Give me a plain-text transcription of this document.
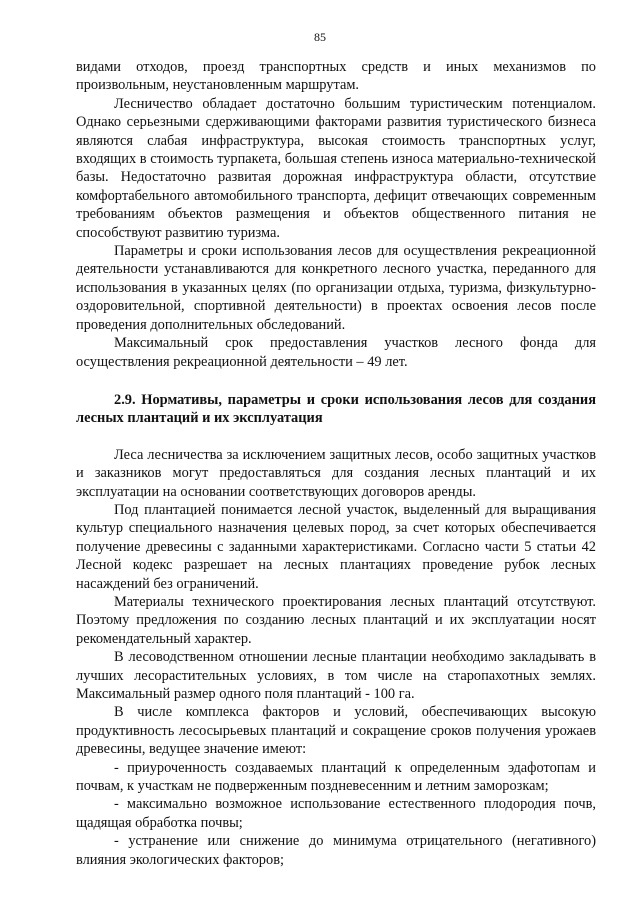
85

видами отходов, проезд транспортных средств и иных механизмов по произвольным, неустановленным маршрутам.

Лесничество обладает достаточно большим туристическим потенциалом. Однако серьезными сдерживающими факторами развития туристического бизнеса являются слабая инфраструктура, высокая стоимость транспортных услуг, входящих в стоимость турпакета, большая степень износа материально-технической базы. Недостаточно развитая дорожная инфраструктура области, отсутствие комфортабельного автомобильного транспорта, дефицит отвечающих современным требованиям объектов размещения и объектов общественного питания не способствуют развитию туризма.

Параметры и сроки использования лесов для осуществления рекреационной деятельности устанавливаются для конкретного лесного участка, переданного для использования в указанных целях (по организации отдыха, туризма, физкультурно-оздоровительной, спортивной деятельности) в проектах освоения лесов после проведения дополнительных обследований.

Максимальный срок предоставления участков лесного фонда для осуществления рекреационной деятельности – 49 лет.

2.9. Нормативы, параметры и сроки использования лесов для создания лесных плантаций и их эксплуатация

Леса лесничества за исключением защитных лесов, особо защитных участков и заказников могут предоставляться для создания лесных плантаций и их эксплуатации на основании соответствующих договоров аренды.

Под плантацией понимается лесной участок, выделенный для выращивания культур специального назначения целевых пород, за счет которых обеспечивается получение древесины с заданными характеристиками. Согласно части 5 статьи 42 Лесной кодекс разрешает на лесных плантациях проведение рубок лесных насаждений без ограничений.

Материалы технического проектирования лесных плантаций отсутствуют. Поэтому предложения по созданию лесных плантаций и их эксплуатации носят рекомендательный характер.

В лесоводственном отношении лесные плантации необходимо закладывать в лучших лесорастительных условиях, в том числе на старопахотных землях. Максимальный размер одного поля плантаций - 100 га.

В числе комплекса факторов и условий, обеспечивающих высокую продуктивность лесосырьевых плантаций и сокращение сроков получения урожаев древесины, ведущее значение имеют:

- приуроченность создаваемых плантаций к определенным эдафотопам и почвам, к участкам не подверженным поздневесенним и летним заморозкам;

- максимально возможное использование естественного плодородия почв, щадящая обработка почвы;

- устранение или снижение до минимума отрицательного (негативного) влияния экологических факторов;
